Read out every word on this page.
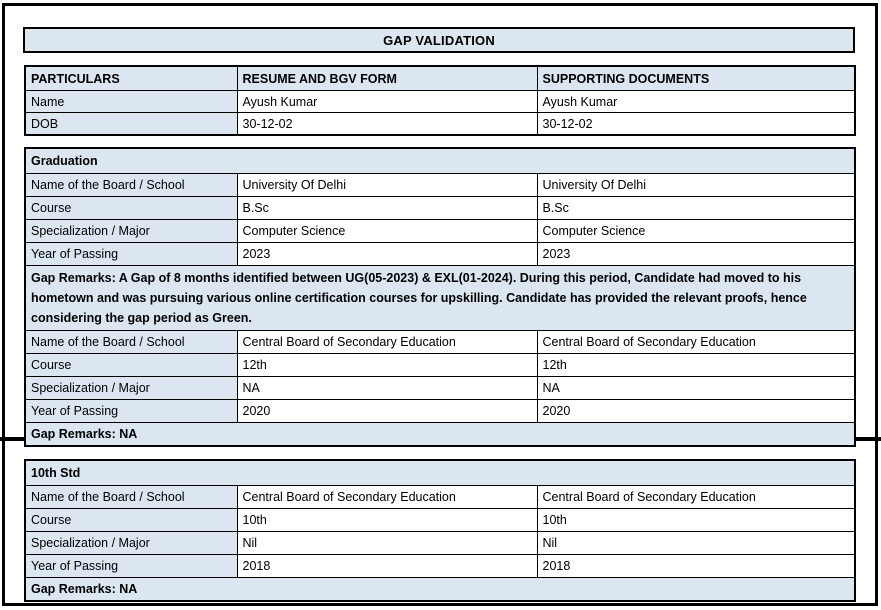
GAP VALIDATION
PARTICULARS	RESUME AND BGV FORM	SUPPORTING DOCUMENTS
Name	Ayush Kumar	Ayush Kumar
DOB	30-12-02	30-12-02
Graduation		
Name of the Board / School	University Of Delhi	University Of Delhi
Course	B.Sc	B.Sc
Specialization / Major	Computer Science	Computer Science
Year of Passing	2023	2023
Gap Remarks: A Gap of 8 months identified between UG(05-2023) & EXL(01-2024). During this period, Candidate had moved to his hometown and was pursuing various online certification courses for upskilling. Candidate has provided the relevant proofs, hence considering the gap period as Green.		
Name of the Board / School	Central Board of Secondary Education	Central Board of Secondary Education
Course	12th	12th
Specialization / Major	NA	NA
Year of Passing	2020	2020
Gap Remarks: NA		
10th Std		
Name of the Board / School	Central Board of Secondary Education	Central Board of Secondary Education
Course	10th	10th
Specialization / Major	Nil	Nil
Year of Passing	2018	2018
Gap Remarks: NA		
